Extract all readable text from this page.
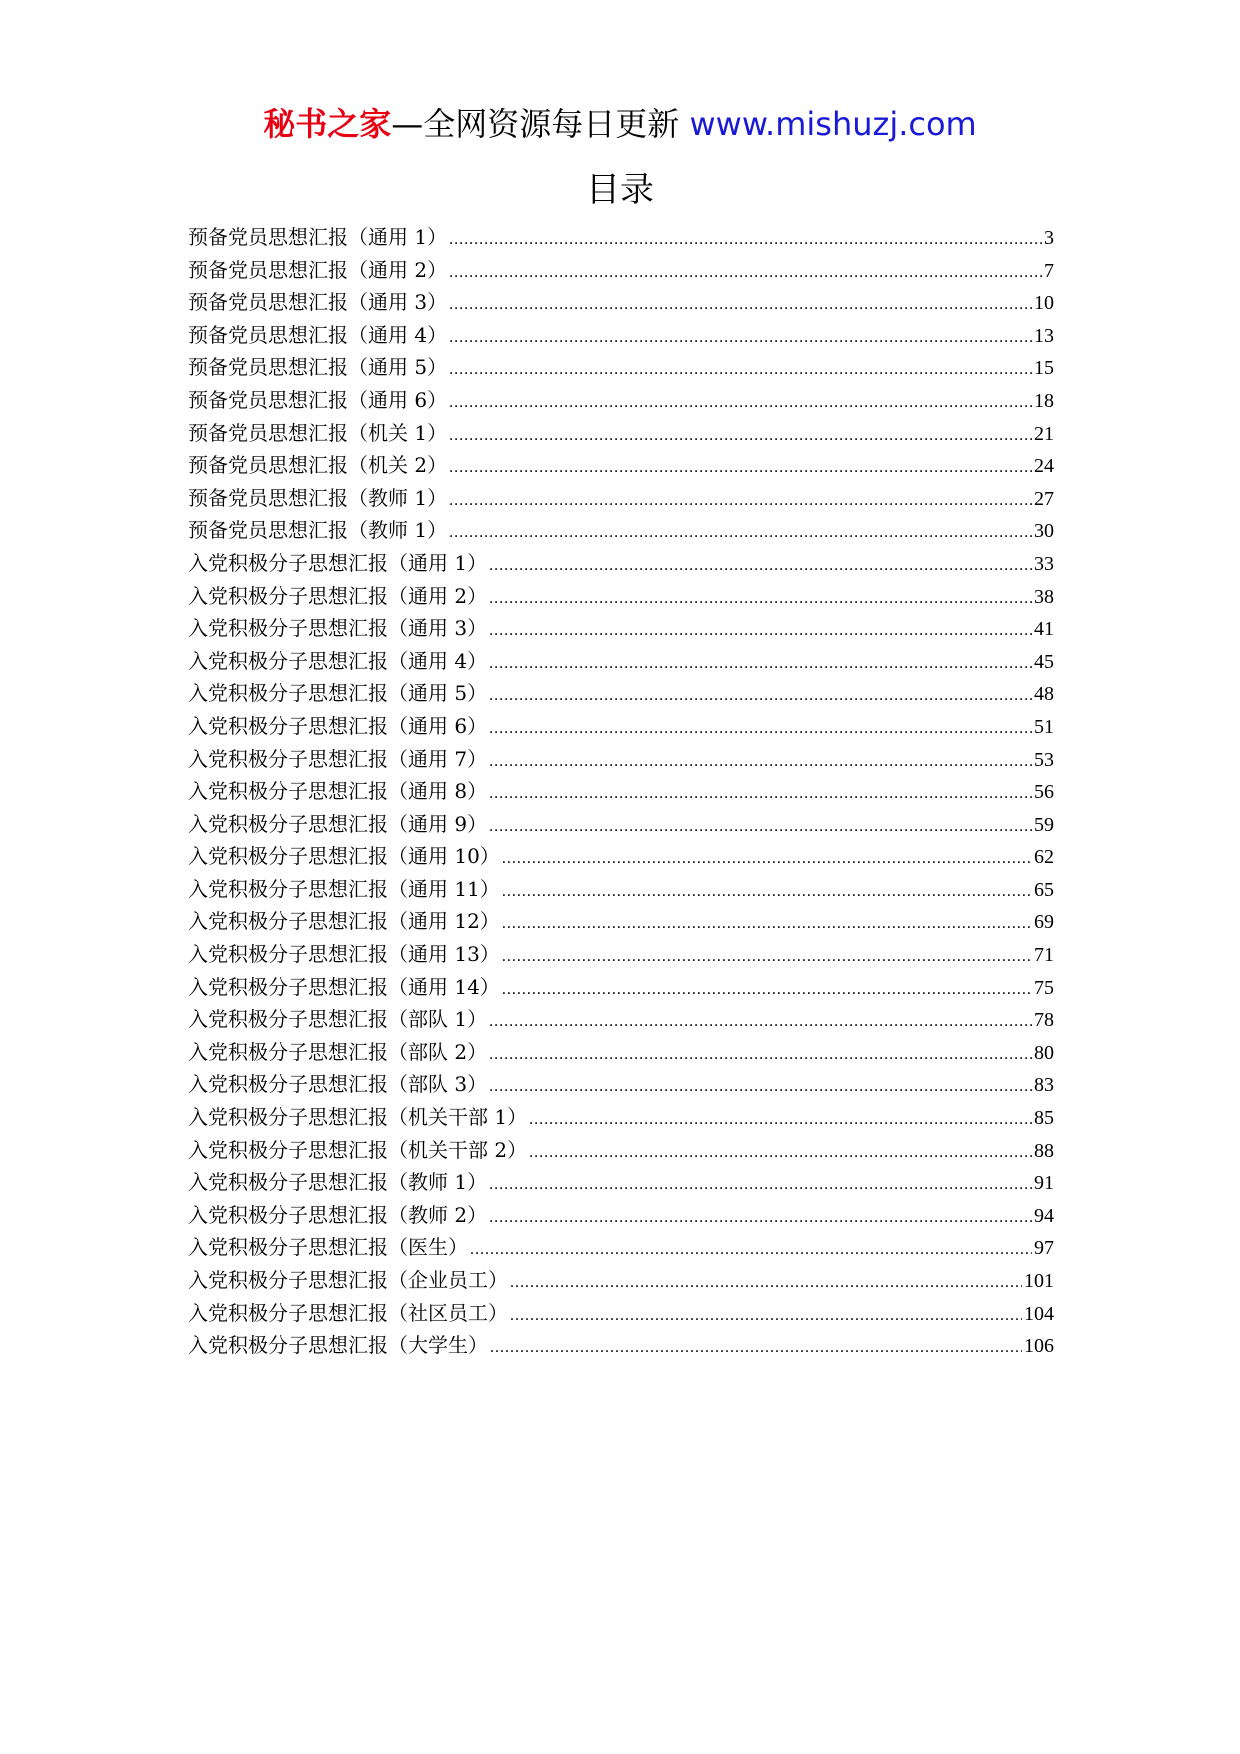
秘书之家—全网资源每日更新 www.mishuzj.com
目录
预备党员思想汇报（通用 1） .....	3
预备党员思想汇报（通用 2） .....	7
预备党员思想汇报（通用 3） .....	10
预备党员思想汇报（通用 4） .....	13
预备党员思想汇报（通用 5） .....	15
预备党员思想汇报（通用 6） .....	18
预备党员思想汇报（机关 1） .....	21
预备党员思想汇报（机关 2） .....	24
预备党员思想汇报（教师 1） .....	27
预备党员思想汇报（教师 1） .....	30
入党积极分子思想汇报（通用 1） .....	33
入党积极分子思想汇报（通用 2） .....	38
入党积极分子思想汇报（通用 3） .....	41
入党积极分子思想汇报（通用 4） .....	45
入党积极分子思想汇报（通用 5） .....	48
入党积极分子思想汇报（通用 6） .....	51
入党积极分子思想汇报（通用 7） .....	53
入党积极分子思想汇报（通用 8） .....	56
入党积极分子思想汇报（通用 9） .....	59
入党积极分子思想汇报（通用 10） .....	62
入党积极分子思想汇报（通用 11） .....	65
入党积极分子思想汇报（通用 12） .....	69
入党积极分子思想汇报（通用 13） .....	71
入党积极分子思想汇报（通用 14） .....	75
入党积极分子思想汇报（部队 1） .....	78
入党积极分子思想汇报（部队 2） .....	80
入党积极分子思想汇报（部队 3） .....	83
入党积极分子思想汇报（机关干部 1） .....	85
入党积极分子思想汇报（机关干部 2） .....	88
入党积极分子思想汇报（教师 1） .....	91
入党积极分子思想汇报（教师 2） .....	94
入党积极分子思想汇报（医生） .....	97
入党积极分子思想汇报（企业员工） .....	101
入党积极分子思想汇报（社区员工） .....	104
入党积极分子思想汇报（大学生） .....	106
